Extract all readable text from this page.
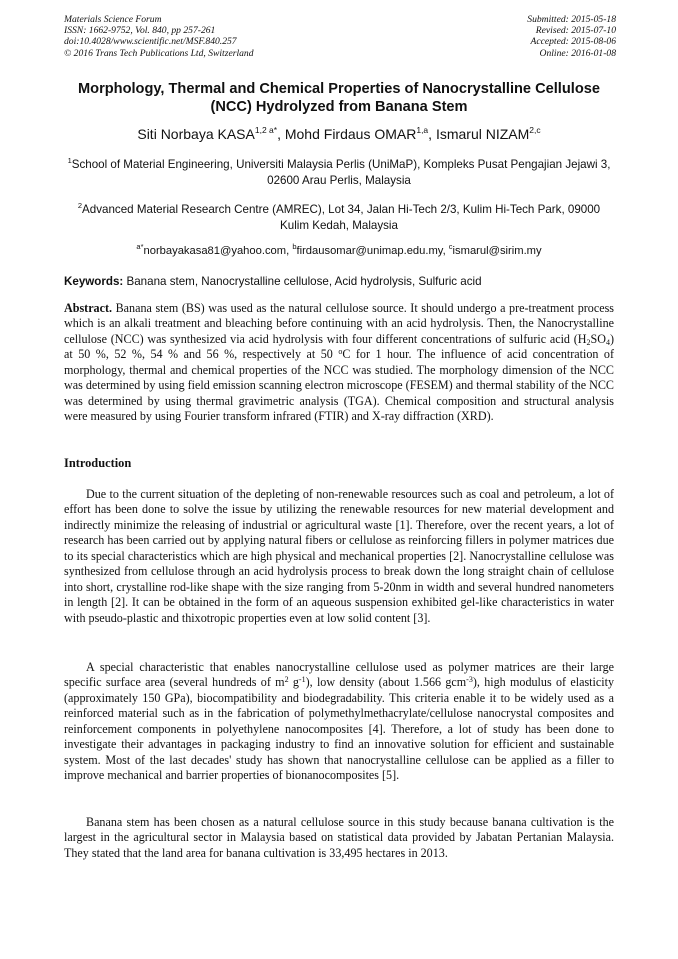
Materials Science Forum
ISSN: 1662-9752, Vol. 840, pp 257-261
doi:10.4028/www.scientific.net/MSF.840.257
© 2016 Trans Tech Publications Ltd, Switzerland
Submitted: 2015-05-18
Revised: 2015-07-10
Accepted: 2015-08-06
Online: 2016-01-08
Morphology, Thermal and Chemical Properties of Nanocrystalline Cellulose (NCC) Hydrolyzed from Banana Stem
Siti Norbaya $KASA^{1,2 a*}$, Mohd Firdaus OMAR$^{1,a}$, Ismarul NIZAM$^{2,c}$
$^1$School of Material Engineering, Universiti Malaysia Perlis (UniMaP), Kompleks Pusat Pengajian Jejawi 3, 02600 Arau Perlis, Malaysia
$^2$Advanced Material Research Centre (AMREC), Lot 34, Jalan Hi-Tech 2/3, Kulim Hi-Tech Park, 09000 Kulim Kedah, Malaysia
$^{a*}$norbayakasa81@yahoo.com, $^b$firdausomar@unimap.edu.my, $^c$ismarul@sirim.my
Keywords: Banana stem, Nanocrystalline cellulose, Acid hydrolysis, Sulfuric acid
Abstract. Banana stem (BS) was used as the natural cellulose source. It should undergo a pre-treatment process which is an alkali treatment and bleaching before continuing with an acid hydrolysis. Then, the Nanocrystalline cellulose (NCC) was synthesized via acid hydrolysis with four different concentrations of sulfuric acid $(H_2SO_4)$ at 50 %, 52 %, 54 % and 56 %, respectively at 50 $^o$C for 1 hour. The influence of acid concentration of morphology, thermal and chemical properties of the NCC was studied. The morphology dimension of the NCC was determined by using field emission scanning electron microscope (FESEM) and thermal stability of the NCC was determined by using thermal gravimetric analysis (TGA). Chemical composition and structural analysis were measured by using Fourier transform infrared (FTIR) and X-ray diffraction (XRD).
Introduction
Due to the current situation of the depleting of non-renewable resources such as coal and petroleum, a lot of effort has been done to solve the issue by utilizing the renewable resources for new material development and indirectly minimize the releasing of industrial or agricultural waste [1]. Therefore, over the recent years, a lot of research has been carried out by applying natural fibers or cellulose as reinforcing fillers in polymer matrices due to its special characteristics which are high physical and mechanical properties [2]. Nanocrystalline cellulose was synthesized from cellulose through an acid hydrolysis process to break down the long straight chain of cellulose into short, crystalline rod-like shape with the size ranging from 5-20nm in width and several hundred nanometers in length [2]. It can be obtained in the form of an aqueous suspension exhibited gel-like characteristics in water with pseudo-plastic and thixotropic properties even at low solid content [3].
A special characteristic that enables nanocrystalline cellulose used as polymer matrices are their large specific surface area (several hundreds of $m^2$ $g^{-1}$), low density (about 1.566 gcm$^{-3}$), high modulus of elasticity (approximately 150 GPa), biocompatibility and biodegradability. This criteria enable it to be widely used as a reinforced material such as in the fabrication of polymethylmethacrylate/cellulose nanocrystal composites and reinforcement components in polyethylene nanocomposites [4]. Therefore, a lot of study has been done to investigate their advantages in packaging industry to find an innovative solution for efficient and sustainable system. Most of the last decades' study has shown that nanocrystalline cellulose can be applied as a filler to improve mechanical and barrier properties of bionanocomposites [5].
Banana stem has been chosen as a natural cellulose source in this study because banana cultivation is the largest in the agricultural sector in Malaysia based on statistical data provided by Jabatan Pertanian Malaysia. They stated that the land area for banana cultivation is 33,495 hectares in 2013.
